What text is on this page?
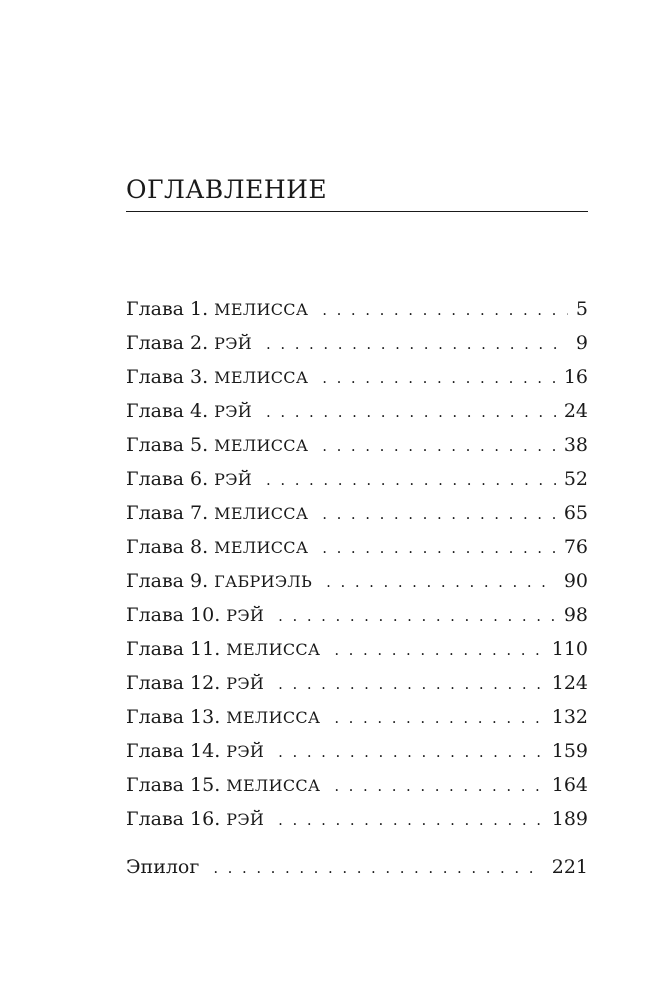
ОГЛАВЛЕНИЕ
Глава 1. МЕЛИССА . . .	5
Глава 2. РЭЙ . . .	9
Глава 3. МЕЛИССА . . .	16
Глава 4. РЭЙ . . .	24
Глава 5. МЕЛИССА . . .	38
Глава 6. РЭЙ . . .	52
Глава 7. МЕЛИССА . . .	65
Глава 8. МЕЛИССА . . .	76
Глава 9. ГАБРИЭЛЬ . . .	90
Глава 10. РЭЙ . . .	98
Глава 11. МЕЛИССА . . .	110
Глава 12. РЭЙ . . .	124
Глава 13. МЕЛИССА . . .	132
Глава 14. РЭЙ . . .	159
Глава 15. МЕЛИССА . . .	164
Глава 16. РЭЙ . . .	189
Эпилог . . .	221
